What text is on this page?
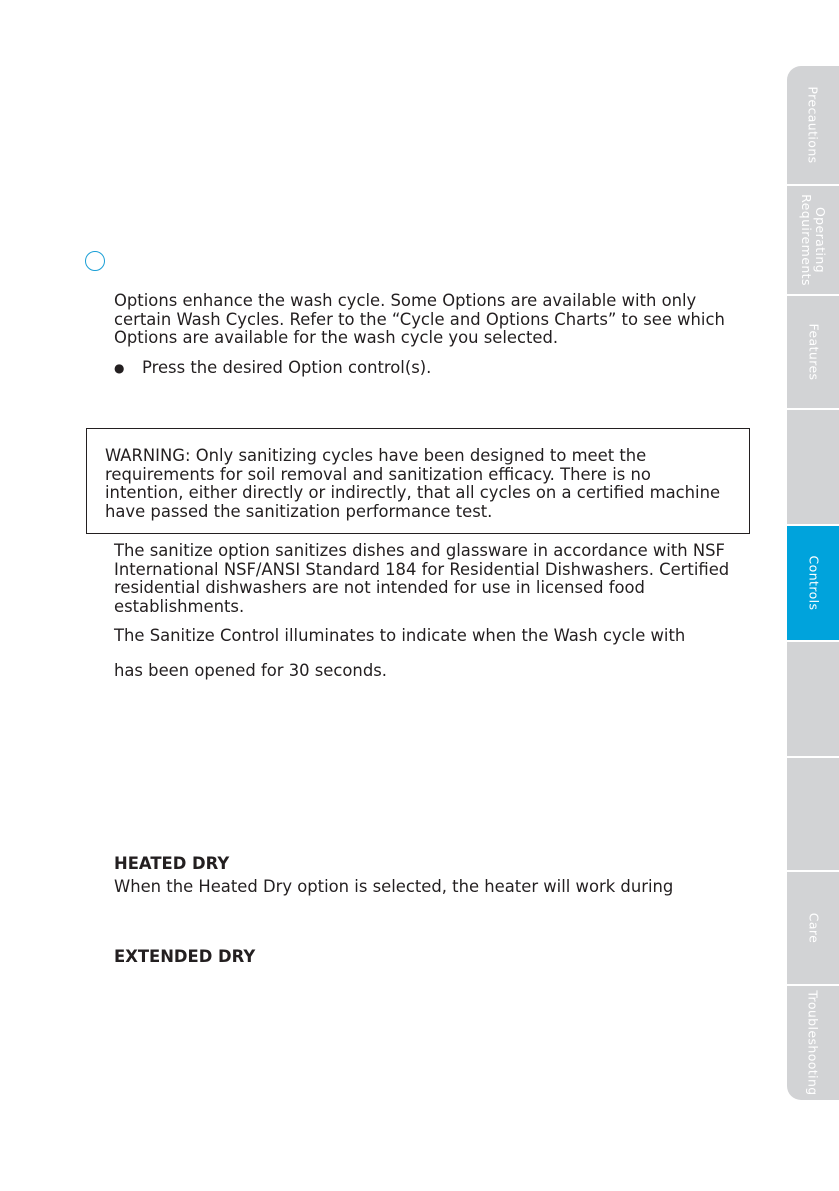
Options enhance the wash cycle. Some Options are available with only certain Wash Cycles. Refer to the “Cycle and Options Charts” to see which Options are available for the wash cycle you selected.

● Press the desired Option control(s).

WARNING: Only sanitizing cycles have been designed to meet the requirements for soil removal and sanitization efficacy. There is no intention, either directly or indirectly, that all cycles on a certified machine have passed the sanitization performance test.

The sanitize option sanitizes dishes and glassware in accordance with NSF International NSF/ANSI Standard 184 for Residential Dishwashers. Certified residential dishwashers are not intended for use in licensed food establishments.

The Sanitize Control illuminates to indicate when the Wash cycle with

has been opened for 30 seconds.

HEATED DRY

When the Heated Dry option is selected, the heater will work during

EXTENDED DRY
Precautions
Operating
Requirements
Features
Controls
Care
Troubleshooting
